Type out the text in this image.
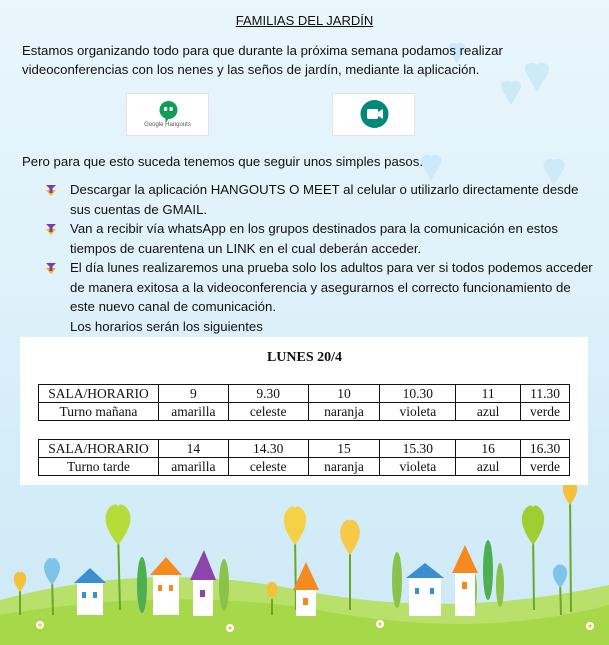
FAMILIAS DEL JARDÍN

Estamos organizando todo para que durante la próxima semana podamos realizar videoconferencias con los nenes y las seños de jardín, mediante la aplicación.

Google Hangouts

Pero para que esto suceda tenemos que seguir unos simples pasos.

Descargar la aplicación HANGOUTS O MEET al celular o utilizarlo directamente desde sus cuentas de GMAIL.
Van a recibir vía whatsApp en los grupos destinados para la comunicación en estos tiempos de cuarentena un LINK en el cual deberán acceder.
El día lunes realizaremos una prueba solo los adultos para ver si todos podemos acceder de manera exitosa a la videoconferencia y asegurarnos el correcto funcionamiento de este nuevo canal de comunicación.

Los horarios serán los siguientes

LUNES 20/4
SALA/HORARIO	9	9.30	10	10.30	11	11.30
Turno mañana	amarilla	celeste	naranja	violeta	azul	verde
SALA/HORARIO	14	14.30	15	15.30	16	16.30
Turno tarde	amarilla	celeste	naranja	violeta	azul	verde
